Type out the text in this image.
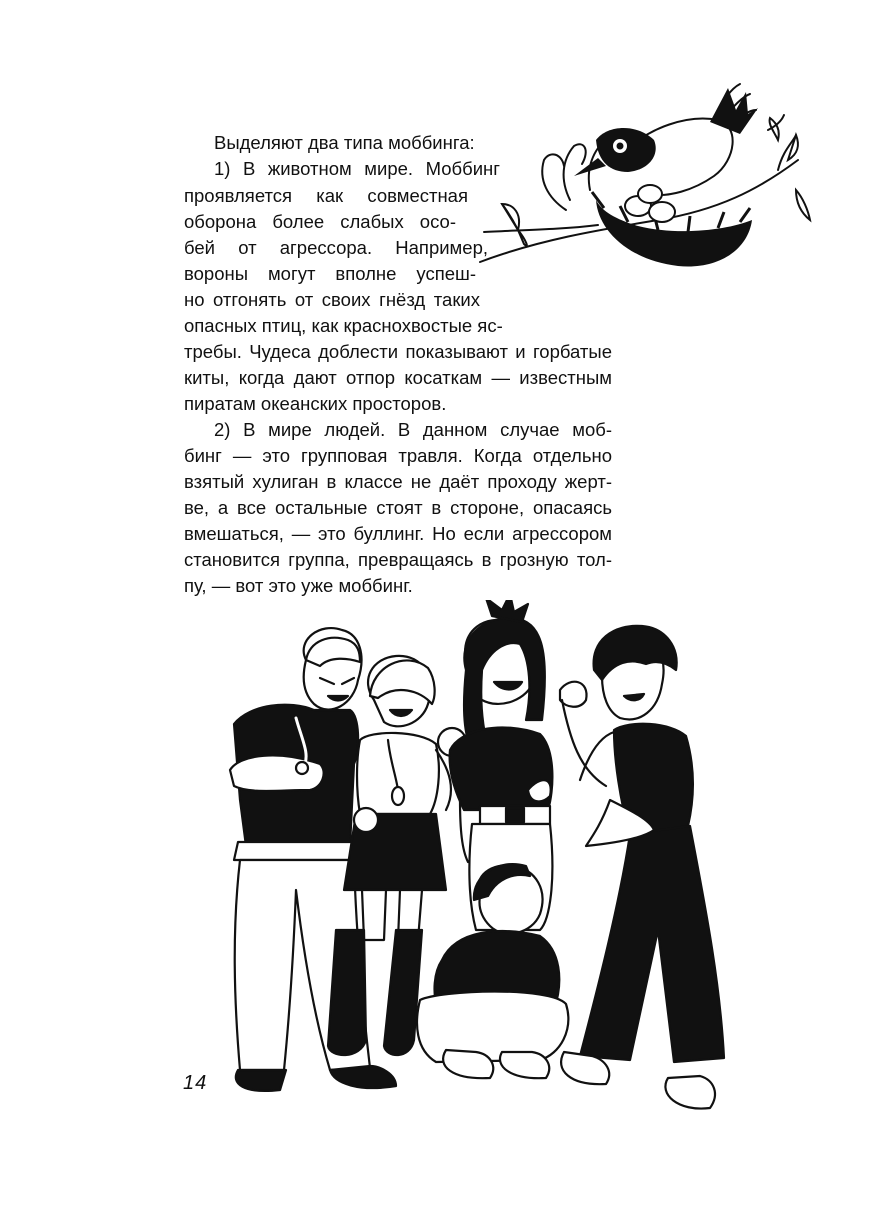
Выделяют два типа моббинга:
1) В животном мире. Моббинг
проявляется как совместная
оборона более слабых осо-
бей от агрессора. Например,
вороны могут вполне успеш-
но отгонять от своих гнёзд таких
опасных птиц, как краснохвостые яс-
требы. Чудеса доблести показывают и горбатые
киты, когда дают отпор косаткам — известным
пиратам океанских просторов.
2) В мире людей. В данном случае моб-
бинг — это групповая травля. Когда отдельно
взятый хулиган в классе не даёт проходу жерт-
ве, а все остальные стоят в стороне, опасаясь
вмешаться, — это буллинг. Но если агрессором
становится группа, превращаясь в грозную тол-
пу, — вот это уже моббинг.
14
